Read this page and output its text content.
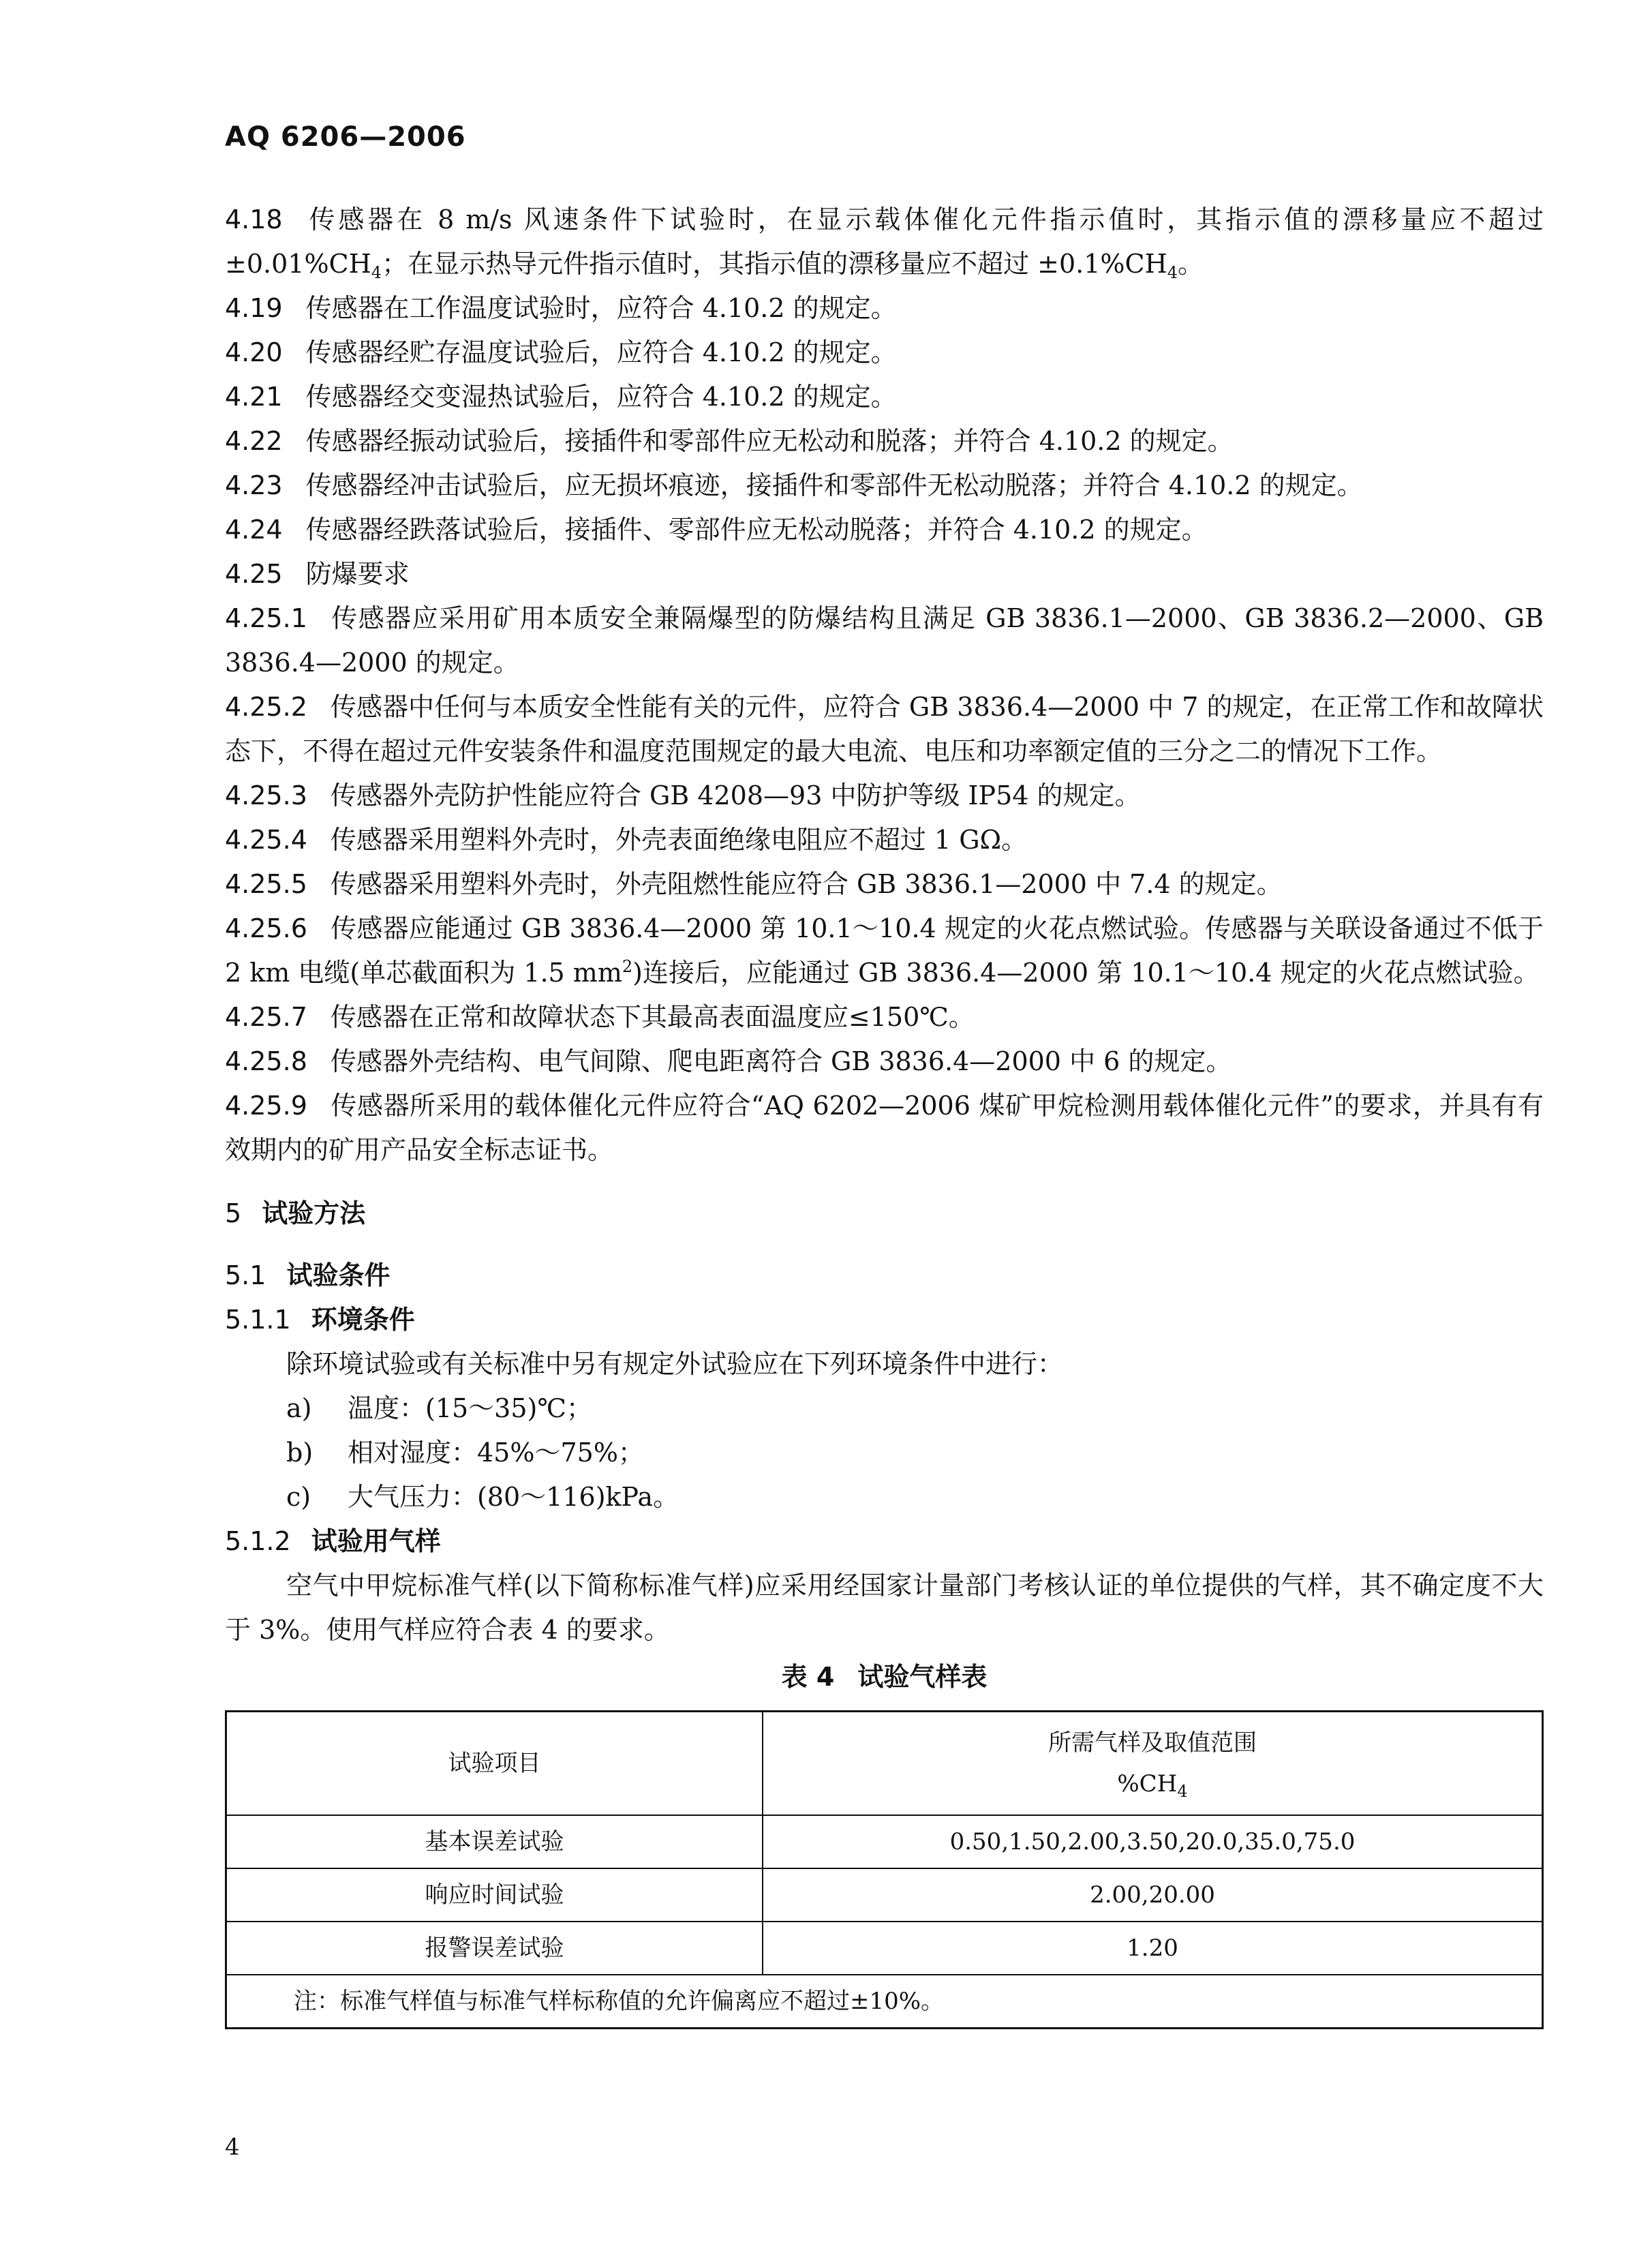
AQ 6206—2006

4.18 传感器在 8 m/s 风速条件下试验时，在显示载体催化元件指示值时，其指示值的漂移量应不超过 $\pm 0.01\%CH_4$；在显示热导元件指示值时，其指示值的漂移量应不超过 $\pm 0.1\%CH_4$。

4.19 传感器在工作温度试验时，应符合 4.10.2 的规定。

4.20 传感器经贮存温度试验后，应符合 4.10.2 的规定。

4.21 传感器经交变湿热试验后，应符合 4.10.2 的规定。

4.22 传感器经振动试验后，接插件和零部件应无松动和脱落；并符合 4.10.2 的规定。

4.23 传感器经冲击试验后，应无损坏痕迹，接插件和零部件无松动脱落；并符合 4.10.2 的规定。

4.24 传感器经跌落试验后，接插件、零部件应无松动脱落；并符合 4.10.2 的规定。

4.25 防爆要求

4.25.1 传感器应采用矿用本质安全兼隔爆型的防爆结构且满足 GB 3836.1—2000、GB 3836.2—2000、GB 3836.4—2000 的规定。

4.25.2 传感器中任何与本质安全性能有关的元件，应符合 GB 3836.4—2000 中 7 的规定，在正常工作和故障状态下，不得在超过元件安装条件和温度范围规定的最大电流、电压和功率额定值的三分之二的情况下工作。

4.25.3 传感器外壳防护性能应符合 GB 4208—93 中防护等级 IP54 的规定。

4.25.4 传感器采用塑料外壳时，外壳表面绝缘电阻应不超过 1 GΩ。

4.25.5 传感器采用塑料外壳时，外壳阻燃性能应符合 GB 3836.1—2000 中 7.4 的规定。

4.25.6 传感器应能通过 GB 3836.4—2000 第 10.1～10.4 规定的火花点燃试验。传感器与关联设备通过不低于 2 km 电缆(单芯截面积为 1.5 $mm^2$)连接后，应能通过 GB 3836.4—2000 第 10.1～10.4 规定的火花点燃试验。

4.25.7 传感器在正常和故障状态下其最高表面温度应≤150℃。

4.25.8 传感器外壳结构、电气间隙、爬电距离符合 GB 3836.4—2000 中 6 的规定。

4.25.9 传感器所采用的载体催化元件应符合“AQ 6202—2006 煤矿甲烷检测用载体催化元件”的要求，并具有有效期内的矿用产品安全标志证书。

5 试验方法
5.1 试验条件
5.1.1 环境条件

除环境试验或有关标准中另有规定外试验应在下列环境条件中进行：

a) 温度：(15～35)℃；
b) 相对湿度：45%～75%；
c) 大气压力：(80～116)kPa。
5.1.2 试验用气样

空气中甲烷标准气样(以下简称标准气样)应采用经国家计量部门考核认证的单位提供的气样，其不确定度不大于 3%。使用气样应符合表 4 的要求。

表 4 试验气样表
试验项目	所需气样及取值范围
$\%CH_4$

基本误差试验	0.50,1.50,2.00,3.50,20.0,35.0,75.0
响应时间试验	2.00,20.00
报警误差试验	1.20
注：标准气样值与标准气样标称值的允许偏离应不超过±10%。	
4
